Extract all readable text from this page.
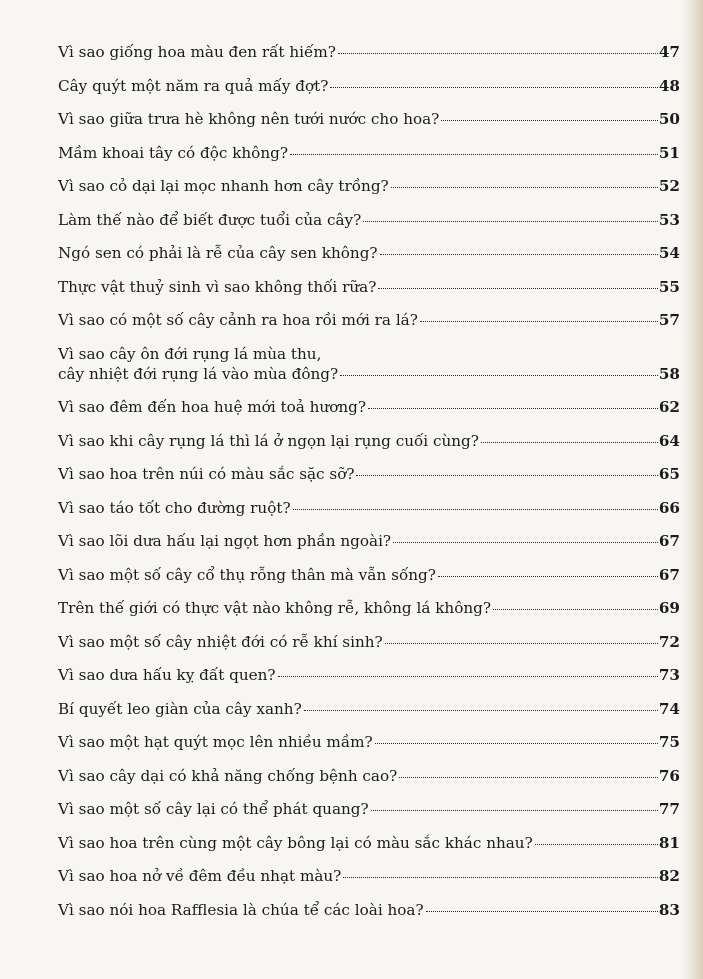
Vì sao giống hoa màu đen rất hiếm?	47
Cây quýt một năm ra quả mấy đợt?	48
Vì sao giữa trưa hè không nên tưới nước cho hoa?	50
Mầm khoai tây có độc không?	51
Vì sao cỏ dại lại mọc nhanh hơn cây trồng?	52
Làm thế nào để biết được tuổi của cây?	53
Ngó sen có phải là rễ của cây sen không?	54
Thực vật thuỷ sinh vì sao không thối rữa?	55
Vì sao có một số cây cảnh ra hoa rồi mới ra lá?	57
Vì sao cây ôn đới rụng lá mùa thu,
cây nhiệt đới rụng lá vào mùa đông?	58
Vì sao đêm đến hoa huệ mới toả hương?	62
Vì sao khi cây rụng lá thì lá ở ngọn lại rụng cuối cùng?	64
Vì sao hoa trên núi có màu sắc sặc sỡ?	65
Vì sao táo tốt cho đường ruột?	66
Vì sao lõi dưa hấu lại ngọt hơn phần ngoài?	67
Vì sao một số cây cổ thụ rỗng thân mà vẫn sống?	67
Trên thế giới có thực vật nào không rễ, không lá không?	69
Vì sao một số cây nhiệt đới có rễ khí sinh?	72
Vì sao dưa hấu kỵ đất quen?	73
Bí quyết leo giàn của cây xanh?	74
Vì sao một hạt quýt mọc lên nhiều mầm?	75
Vì sao cây dại có khả năng chống bệnh cao?	76
Vì sao một số cây lại có thể phát quang?	77
Vì sao hoa trên cùng một cây bông lại có màu sắc khác nhau?	81
Vì sao hoa nở về đêm đều nhạt màu?	82
Vì sao nói hoa Rafflesia là chúa tể các loài hoa?	83
